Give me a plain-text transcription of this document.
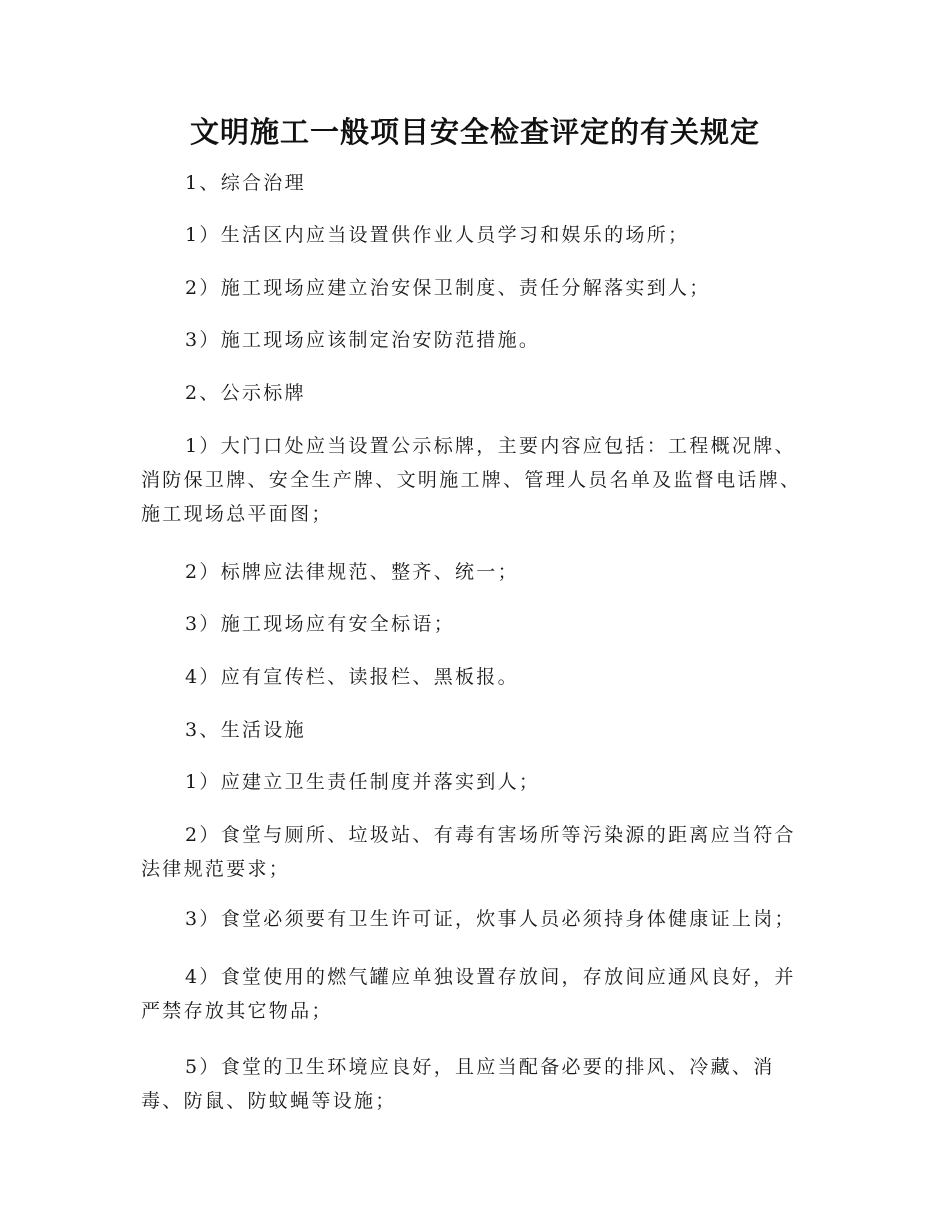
文明施工一般项目安全检查评定的有关规定

1、综合治理

1）生活区内应当设置供作业人员学习和娱乐的场所；

2）施工现场应建立治安保卫制度、责任分解落实到人；

3）施工现场应该制定治安防范措施。

2、公示标牌

1）大门口处应当设置公示标牌，主要内容应包括：工程概况牌、消防保卫牌、安全生产牌、文明施工牌、管理人员名单及监督电话牌、施工现场总平面图；

2）标牌应法律规范、整齐、统一；

3）施工现场应有安全标语；

4）应有宣传栏、读报栏、黑板报。

3、生活设施

1）应建立卫生责任制度并落实到人；

2）食堂与厕所、垃圾站、有毒有害场所等污染源的距离应当符合法律规范要求；

3）食堂必须要有卫生许可证，炊事人员必须持身体健康证上岗；

4）食堂使用的燃气罐应单独设置存放间，存放间应通风良好，并严禁存放其它物品；

5）食堂的卫生环境应良好，且应当配备必要的排风、冷藏、消毒、防鼠、防蚊蝇等设施；
